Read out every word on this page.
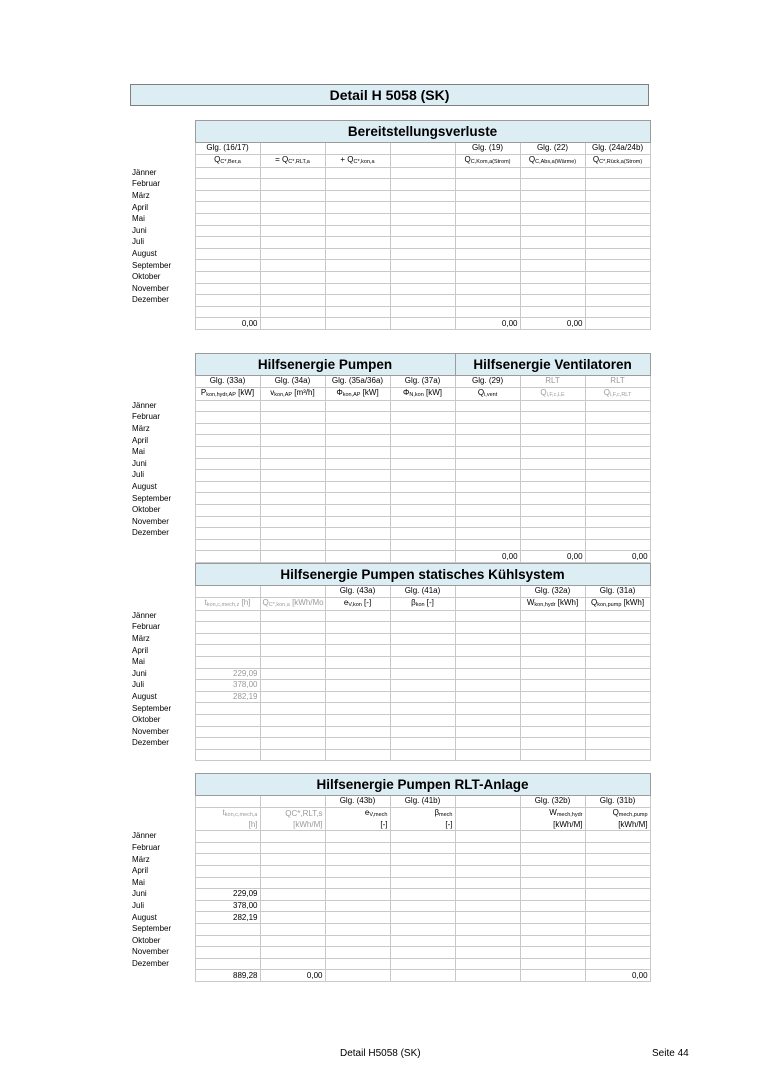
Detail H 5058 (SK)
	Bereitstellungsverluste						
	Glg. (16/17)				Glg. (19)	Glg. (22)	Glg. (24a/24b)
	QC*,Ber,a	= QC*,RLT,a	+ QC*,kon,a		QC,Kom,a(Strom)	QC,Abs,a(Wärme)	QC*,Rück,a(Strom)
Jänner							
Februar							
März							
April							
Mai							
Juni							
Juli							
August							
September							
Oktober							
November							
Dezember							

	0,00				0,00	0,00	
	Hilfsenergie Pumpen				Hilfsenergie Ventilatoren		
	Glg. (33a)	Glg. (34a)	Glg. (35a/36a)	Glg. (37a)	Glg. (29)	RLT	RLT
	Pkon,hydr,AP [kW]	vkon,AP [m³/h]	Φkon,AP [kW]	ΦN,kon [kW]	Qi,vent	Qi,F,c,LE	Qi,F,c,RLT
Jänner							
Februar							
März							
April							
Mai							
Juni							
Juli							
August							
September							
Oktober							
November							
Dezember							

					0,00	0,00	0,00
	Hilfsenergie Pumpen statisches Kühlsystem						
			Glg. (43a)	Glg. (41a)		Glg. (32a)	Glg. (31a)
	tkon,c,mech,z [h]	QC*,kon,a [kWh/Mo	eV,kon [-]	βkon [-]		Wkon,hydr [kWh]	Qkon,pump [kWh]
Jänner							
Februar							
März							
April							
Mai							
Juni	229,09						
Juli	378,00						
August	282,19						
September							
Oktober							
November							
Dezember							

	Hilfsenergie Pumpen RLT-Anlage						
			Glg. (43b)	Glg. (41b)		Glg. (32b)	Glg. (31b)
	tkon,c,mech,a	QC*,RLT,s	eV,mech	βmech		Wmech,hydr	Qmech,pump
	[h]	[kWh/M]	[-]	[-]		[kWh/M]	[kWh/M]
Jänner							
Februar							
März							
April							
Mai							
Juni	229,09						
Juli	378,00						
August	282,19						
September							
Oktober							
November							
Dezember							
	889,28	0,00					0,00
Detail H5058 (SK)	Seite 44
